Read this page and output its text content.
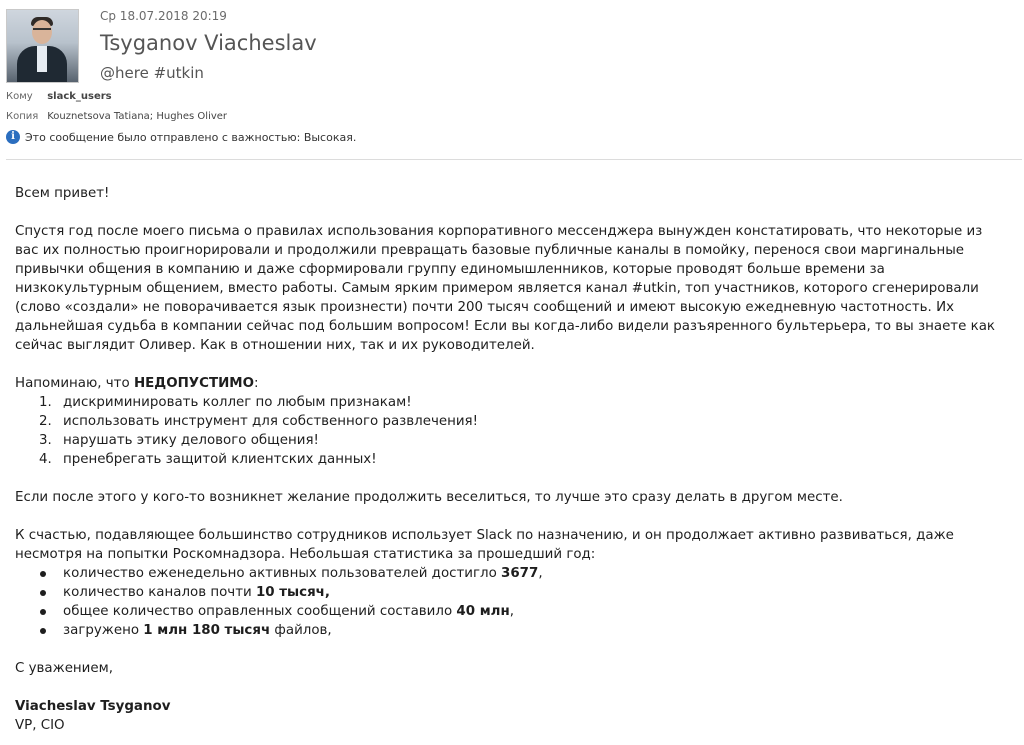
Ср 18.07.2018 20:19
Tsyganov Viacheslav
@here #utkin
Кому slack_users
Копия Kouznetsova Tatiana; Hughes Oliver
i Это сообщение было отправлено с важностью: Высокая.

Всем привет!

Спустя год после моего письма о правилах использования корпоративного мессенджера вынужден констатировать, что некоторые из вас их полностью проигнорировали и продолжили превращать базовые публичные каналы в помойку, перенося свои маргинальные привычки общения в компанию и даже сформировали группу единомышленников, которые проводят больше времени за низкокультурным общением, вместо работы. Самым ярким примером является канал #utkin, топ участников, которого сгенерировали (слово «создали» не поворачивается язык произнести) почти 200 тысяч сообщений и имеют высокую ежедневную частотность. Их дальнейшая судьба в компании сейчас под большим вопросом! Если вы когда-либо видели разъяренного бультерьера, то вы знаете как сейчас выглядит Оливер. Как в отношении них, так и их руководителей.

Напоминаю, что НЕДОПУСТИМО:

1. дискриминировать коллег по любым признакам!
2. использовать инструмент для собственного развлечения!
3. нарушать этику делового общения!
4. пренебрегать защитой клиентских данных!

Если после этого у кого-то возникнет желание продолжить веселиться, то лучше это сразу делать в другом месте.

К счастью, подавляющее большинство сотрудников использует Slack по назначению, и он продолжает активно развиваться, даже несмотря на попытки Роскомнадзора. Небольшая статистика за прошедший год:

количество еженедельно активных пользователей достигло 3677,
количество каналов почти 10 тысяч,
общее количество оправленных сообщений составило 40 млн,
загружено 1 млн 180 тысяч файлов,

С уважением,

Viacheslav Tsyganov

VP, CIO
